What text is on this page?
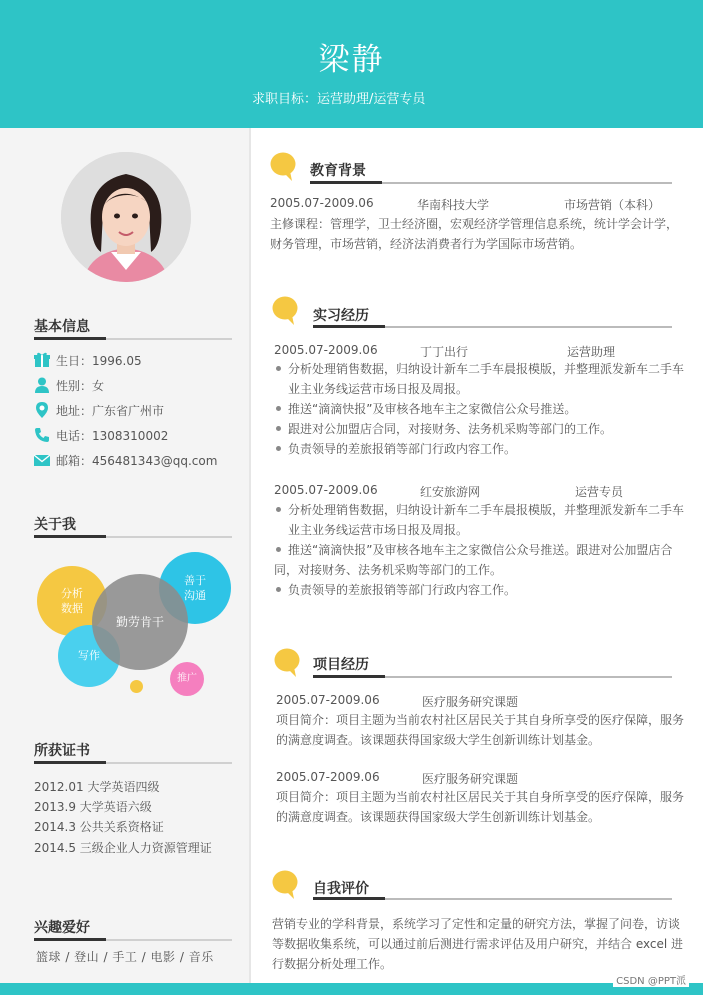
梁静
求职目标：运营助理/运营专员
基本信息
生日：1996.05
性别：女
地址：广东省广州市
电话：1308310002
邮箱：456481343@qq.com
关于我
分析
数据
善于
沟通
写作
勤劳肯干
推广
所获证书
2012.01 大学英语四级
2013.9 大学英语六级
2014.3 公共关系资格证
2014.5 三级企业人力资源管理证
兴趣爱好
篮球 / 登山 / 手工 / 电影 / 音乐
教育背景
2005.07-2009.06	华南科技大学	市场营销（本科）
主修课程：管理学，卫士经济圈，宏观经济学管理信息系统，统计学会计学，
财务管理，市场营销，经济法消费者行为学国际市场营销。
实习经历
2005.07-2009.06	丁丁出行	运营助理
分析处理销售数据，归纳设计新车二手车晨报模版，并整理派发新车二手车
业主业务线运营市场日报及周报。
推送“滴滴快报”及审核各地车主之家微信公众号推送。
跟进对公加盟店合同，对接财务、法务机采购等部门的工作。
负责领导的差旅报销等部门行政内容工作。
2005.07-2009.06	红安旅游网	运营专员
分析处理销售数据，归纳设计新车二手车晨报模版，并整理派发新车二手车
业主业务线运营市场日报及周报。
推送“滴滴快报”及审核各地车主之家微信公众号推送。跟进对公加盟店合
同，对接财务、法务机采购等部门的工作。
负责领导的差旅报销等部门行政内容工作。
项目经历
2005.07-2009.06	医疗服务研究课题
项目简介：项目主题为当前农村社区居民关于其自身所享受的医疗保障，服务
的满意度调查。该课题获得国家级大学生创新训练计划基金。
2005.07-2009.06	医疗服务研究课题
项目简介：项目主题为当前农村社区居民关于其自身所享受的医疗保障，服务
的满意度调查。该课题获得国家级大学生创新训练计划基金。
自我评价
营销专业的学科背景，系统学习了定性和定量的研究方法，掌握了问卷，访谈
等数据收集系统，可以通过前后测进行需求评估及用户研究，并结合 excel 进
行数据分析处理工作。
CSDN @PPT派
